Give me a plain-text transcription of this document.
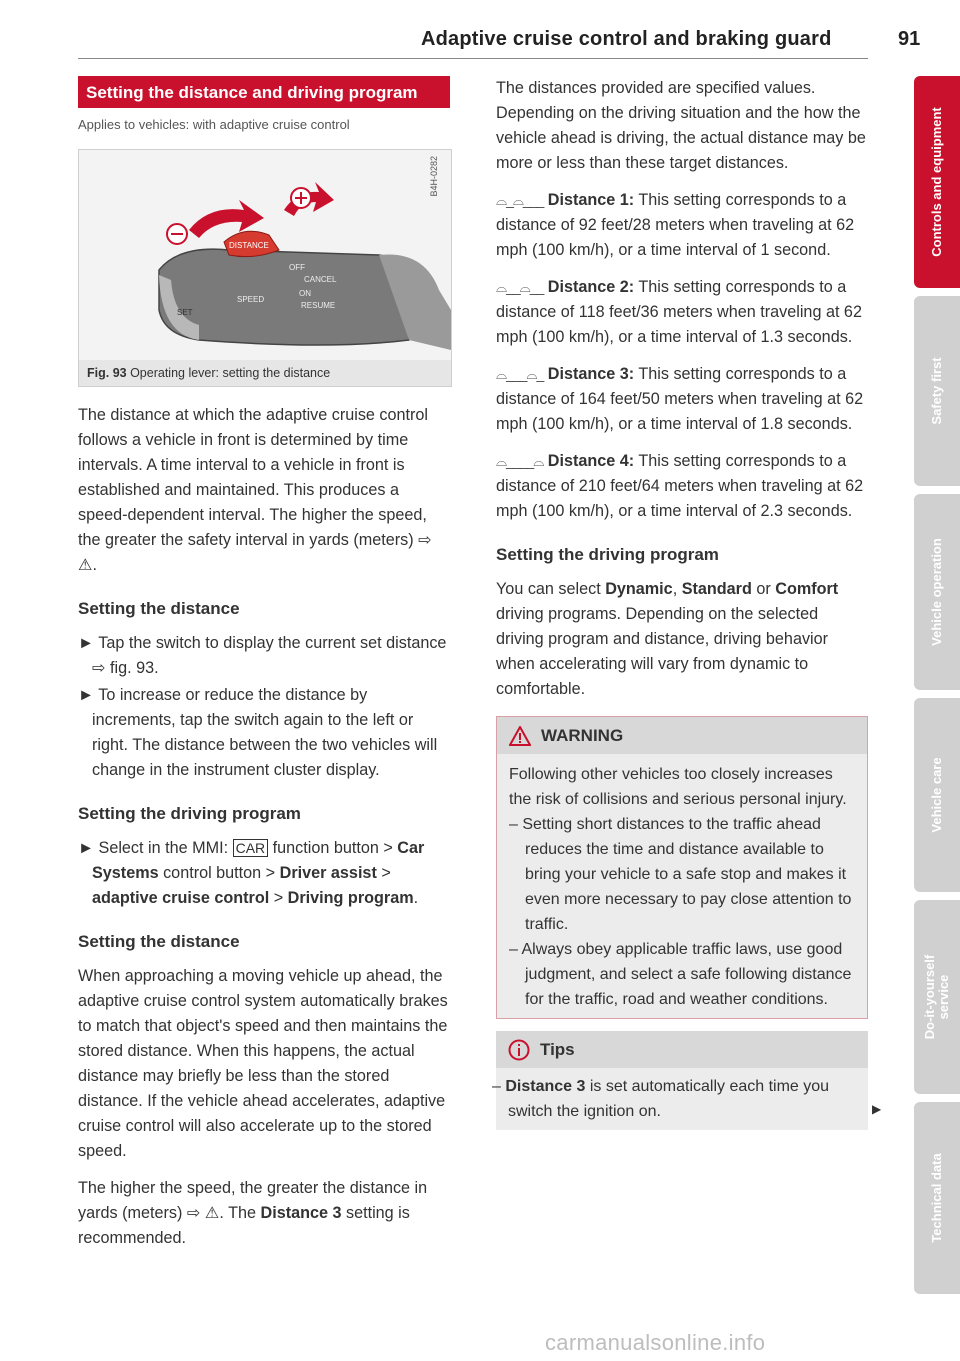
Adaptive cruise control and braking guard	91
Setting the distance and driving program
Applies to vehicles: with adaptive cruise control
DISTANCE
OFF
CANCEL
ON
RESUME
SPEED
SET
B4H-0282
Fig. 93 Operating lever: setting the distance

The distance at which the adaptive cruise control follows a vehicle in front is determined by time intervals. A time interval to a vehicle in front is established and maintained. This produces a speed-dependent interval. The higher the speed, the greater the safety interval in yards (meters) ⇨ ⚠.

Setting the distance

► Tap the switch to display the current set distance ⇨ fig. 93.

► To increase or reduce the distance by increments, tap the switch again to the left or right. The distance between the two vehicles will change in the instrument cluster display.

Setting the driving program

► Select in the MMI: CAR function button > Car Systems control button > Driver assist > adaptive cruise control > Driving program.

Setting the distance

When approaching a moving vehicle up ahead, the adaptive cruise control system automatically brakes to match that object's speed and then maintains the stored distance. When this happens, the actual distance may briefly be less than the stored distance. If the vehicle ahead accelerates, adaptive cruise control will also accelerate up to the stored speed.

The higher the speed, the greater the distance in yards (meters) ⇨ ⚠. The Distance 3 setting is recommended.

The distances provided are specified values. Depending on the driving situation and the how the vehicle ahead is driving, the actual distance may be more or less than these target distances.

⌓_⌓___ Distance 1: This setting corresponds to a distance of 92 feet/28 meters when traveling at 62 mph (100 km/h), or a time interval of 1 second.

⌓__⌓__ Distance 2: This setting corresponds to a distance of 118 feet/36 meters when traveling at 62 mph (100 km/h), or a time interval of 1.3 seconds.

⌓___⌓_ Distance 3: This setting corresponds to a distance of 164 feet/50 meters when traveling at 62 mph (100 km/h), or a time interval of 1.8 seconds.

⌓____⌓ Distance 4: This setting corresponds to a distance of 210 feet/64 meters when traveling at 62 mph (100 km/h), or a time interval of 2.3 seconds.

Setting the driving program

You can select Dynamic, Standard or Comfort driving programs. Depending on the selected driving program and distance, driving behavior when accelerating will vary from dynamic to comfortable.

WARNING
Following other vehicles too closely increases the risk of collisions and serious personal injury.
– Setting short distances to the traffic ahead reduces the time and distance available to bring your vehicle to a safe stop and makes it even more necessary to pay close attention to traffic.
– Always obey applicable traffic laws, use good judgment, and select a safe following distance for the traffic, road and weather conditions.
Tips
– Distance 3 is set automatically each time you switch the ignition on.	▶
Controls and equipment
Safety first
Vehicle operation
Vehicle care
Do-it-yourself service
Technical data
carmanualsonline.info
